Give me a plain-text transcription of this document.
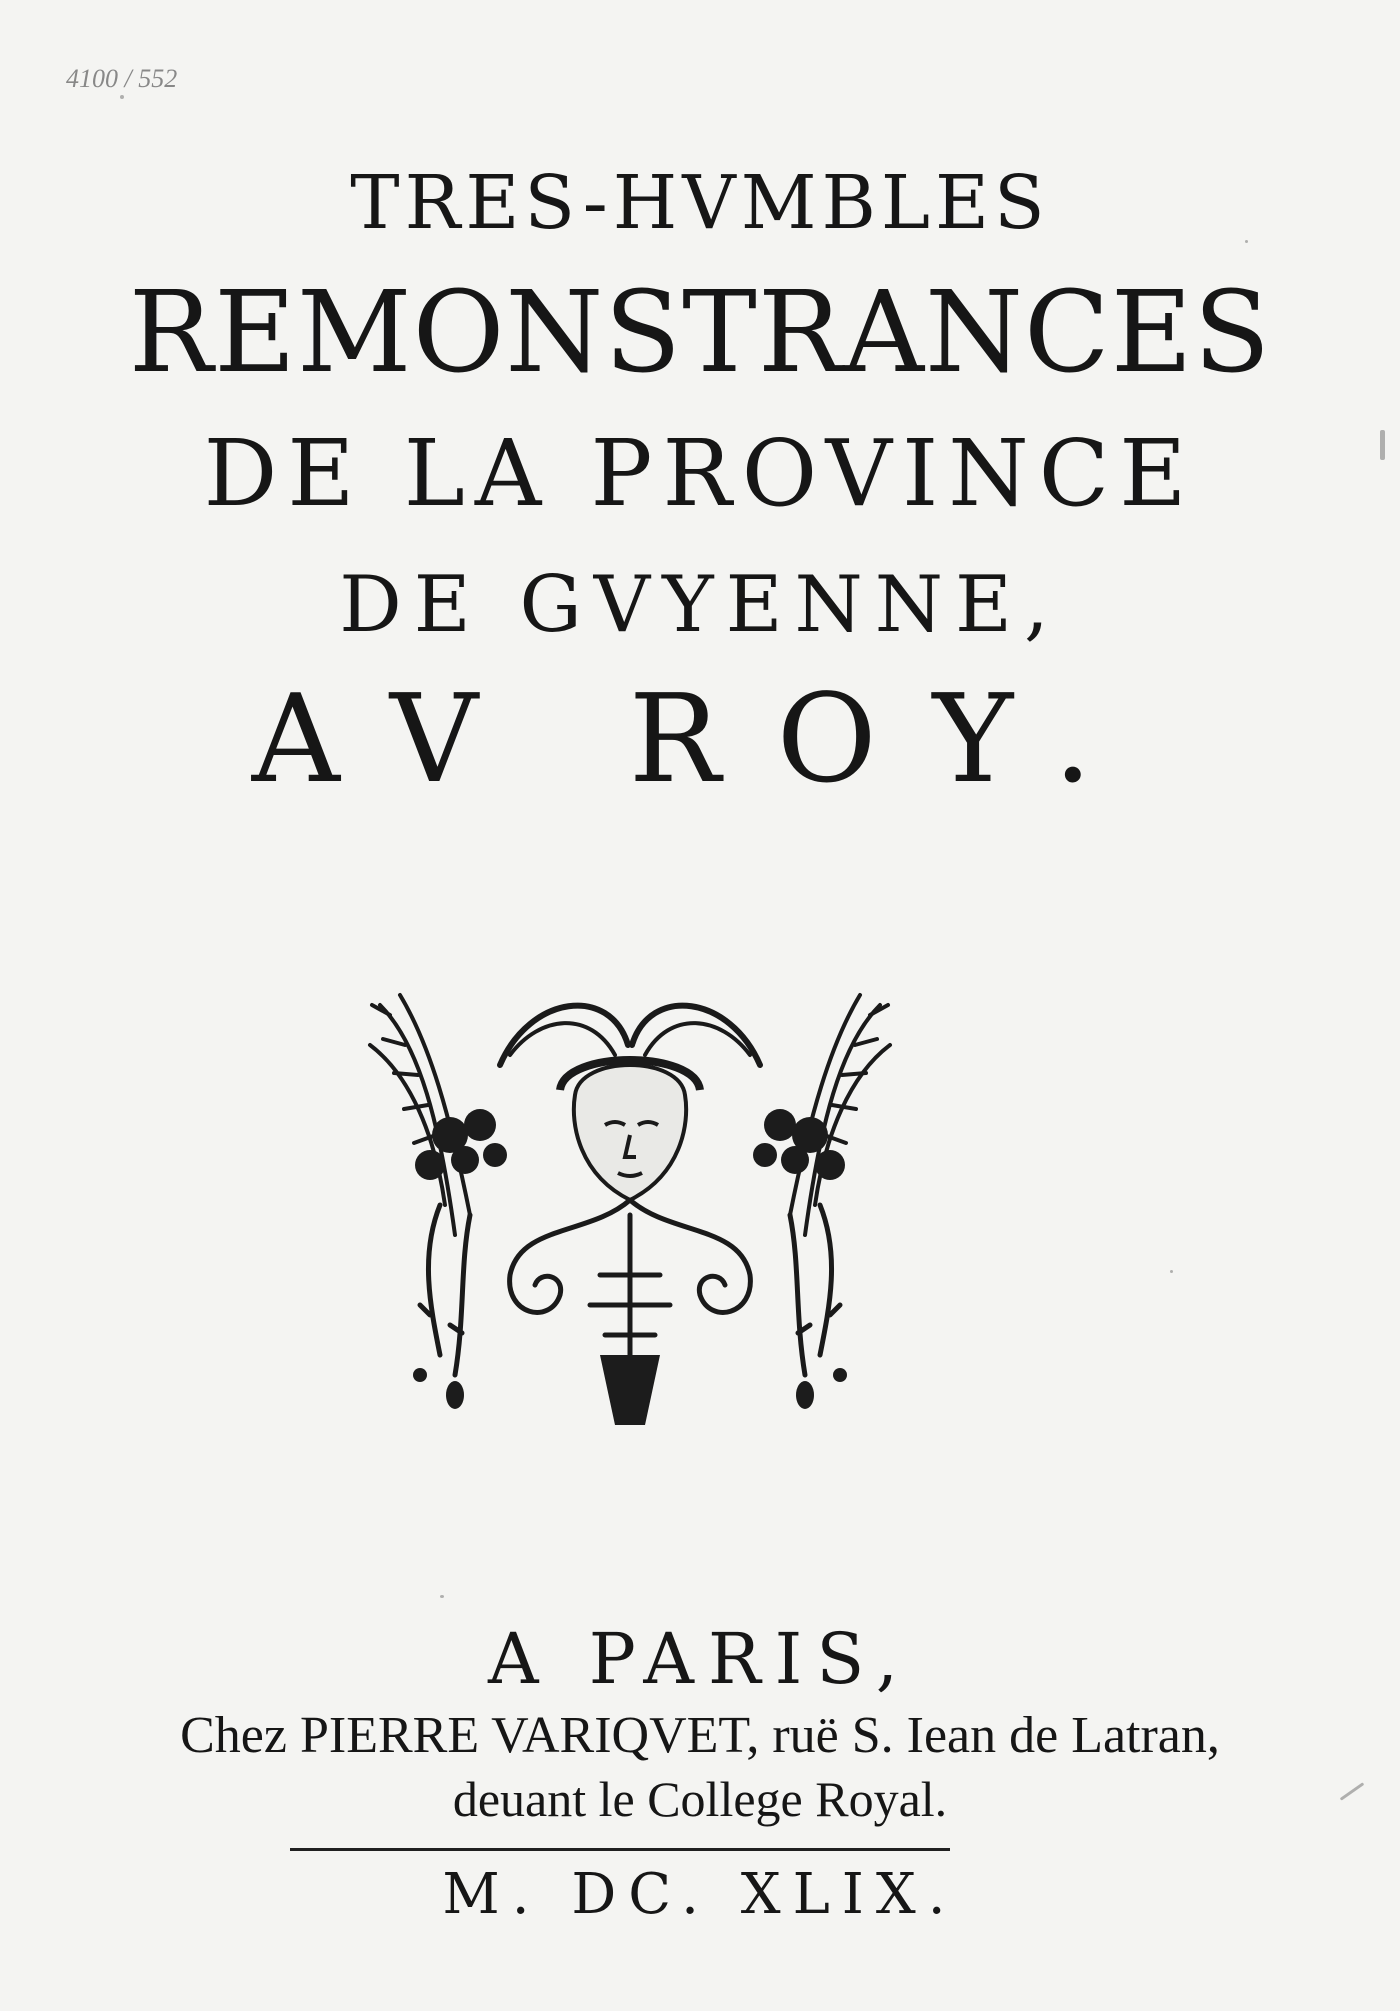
4100 / 552

TRES-HVMBLES
REMONSTRANCES
DE LA PROVINCE
DE GVYENNE,
AV ROY.
A PARIS,
Chez PIERRE VARIQVET, ruë S. Iean de Latran,
deuant le College Royal.
M. DC. XLIX.
